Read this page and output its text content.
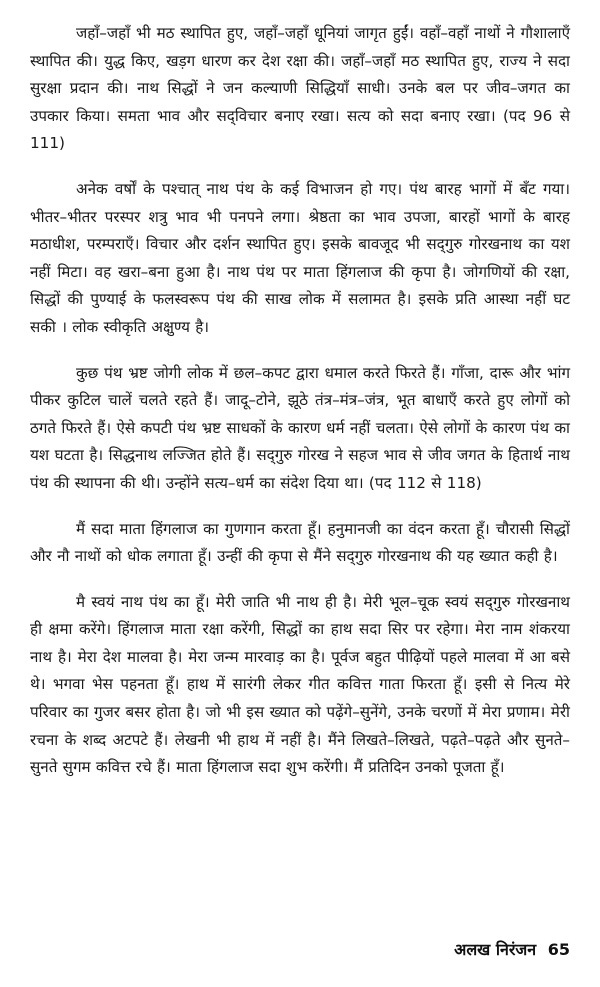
जहाँ–जहाँ भी मठ स्थापित हुए, जहाँ–जहाँ धूनियां जागृत हुईं। वहाँ–वहाँ नाथों ने गौशालाएँ स्थापित की। युद्ध किए, खड़ग धारण कर देश रक्षा की। जहाँ–जहाँ मठ स्थापित हुए, राज्य ने सदा सुरक्षा प्रदान की। नाथ सिद्धों ने जन कल्याणी सिद्धियाँ साधी। उनके बल पर जीव–जगत का उपकार किया। समता भाव और सद्‌विचार बनाए रखा। सत्य को सदा बनाए रखा। (पद 96 से 111)

अनेक वर्षों के पश्चात् नाथ पंथ के कई विभाजन हो गए। पंथ बारह भागों में बँट गया। भीतर–भीतर परस्पर शत्रु भाव भी पनपने लगा। श्रेष्ठता का भाव उपजा, बारहों भागों के बारह मठाधीश, परम्पराएँ। विचार और दर्शन स्थापित हुए। इसके बावजूद भी सद्‌गुरु गोरखनाथ का यश नहीं मिटा। वह खरा–बना हुआ है। नाथ पंथ पर माता हिंगलाज की कृपा है। जोगणियों की रक्षा, सिद्धों की पुण्याई के फलस्वरूप पंथ की साख लोक में सलामत है। इसके प्रति आस्था नहीं घट सकी । लोक स्वीकृति अक्षुण्य है।

कुछ पंथ भ्रष्ट जोगी लोक में छल–कपट द्वारा धमाल करते फिरते हैं। गाँजा, दारू और भांग पीकर कुटिल चालें चलते रहते हैं। जादू–टोने, झूठे तंत्र–मंत्र–जंत्र, भूत बाधाएँ करते हुए लोगों को ठगते फिरते हैं। ऐसे कपटी पंथ भ्रष्ट साधकों के कारण धर्म नहीं चलता। ऐसे लोगों के कारण पंथ का यश घटता है। सिद्धनाथ लज्जित होते हैं। सद्‌गुरु गोरख ने सहज भाव से जीव जगत के हितार्थ नाथ पंथ की स्थापना की थी। उन्होंने सत्य–धर्म का संदेश दिया था। (पद 112 से 118)

मैं सदा माता हिंगलाज का गुणगान करता हूँ। हनुमानजी का वंदन करता हूँ। चौरासी सिद्धों और नौ नाथों को धोक लगाता हूँ। उन्हीं की कृपा से मैंने सद्‌गुरु गोरखनाथ की यह ख्यात कही है।

मै स्वयं नाथ पंथ का हूँ। मेरी जाति भी नाथ ही है। मेरी भूल–चूक स्वयं सद्‌गुरु गोरखनाथ ही क्षमा करेंगे। हिंगलाज माता रक्षा करेंगी, सिद्धों का हाथ सदा सिर पर रहेगा। मेरा नाम शंकरया नाथ है। मेरा देश मालवा है। मेरा जन्म मारवाड़ का है। पूर्वज बहुत पीढ़ियों पहले मालवा में आ बसे थे। भगवा भेस पहनता हूँ। हाथ में सारंगी लेकर गीत कवित्त गाता फिरता हूँ। इसी से नित्य मेरे परिवार का गुजर बसर होता है। जो भी इस ख्यात को पढ़ेंगे–सुनेंगे, उनके चरणों में मेरा प्रणाम। मेरी रचना के शब्द अटपटे हैं। लेखनी भी हाथ में नहीं है। मैंने लिखते–लिखते, पढ़ते–पढ़ते और सुनते–सुनते सुगम कवित्त रचे हैं। माता हिंगलाज सदा शुभ करेंगी। मैं प्रतिदिन उनको पूजता हूँ।

अलख निरंजन 65
